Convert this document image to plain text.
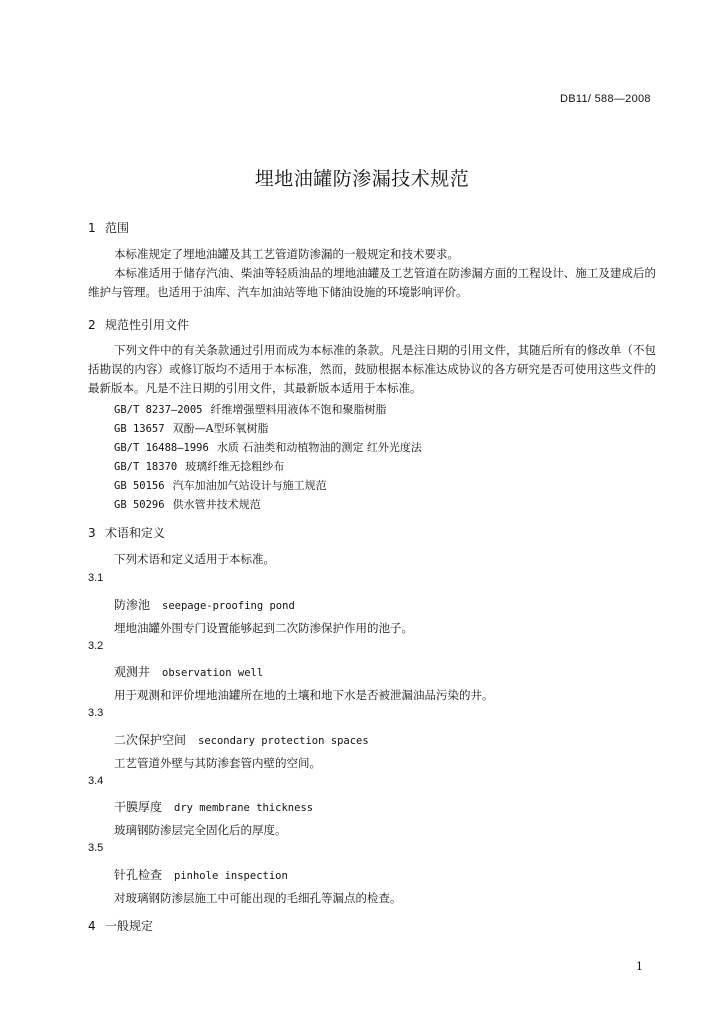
DB11/ 588—2008
埋地油罐防渗漏技术规范
1 范围
本标准规定了埋地油罐及其工艺管道防渗漏的一般规定和技术要求。
本标准适用于储存汽油、柴油等轻质油品的埋地油罐及工艺管道在防渗漏方面的工程设计、施工及建成后的维护与管理。也适用于油库、汽车加油站等地下储油设施的环境影响评价。
2 规范性引用文件
下列文件中的有关条款通过引用而成为本标准的条款。凡是注日期的引用文件，其随后所有的修改单（不包括勘误的内容）或修订版均不适用于本标准，然而，鼓励根据本标准达成协议的各方研究是否可使用这些文件的最新版本。凡是不注日期的引用文件，其最新版本适用于本标准。
GB/T 8237—2005 纤维增强塑料用液体不饱和聚脂树脂
GB 13657 双酚—A型环氧树脂
GB/T 16488—1996 水质 石油类和动植物油的测定 红外光度法
GB/T 18370 玻璃纤维无捻粗纱布
GB 50156 汽车加油加气站设计与施工规范
GB 50296 供水管井技术规范
3 术语和定义
下列术语和定义适用于本标准。
3.1
防渗池 seepage-proofing pond
埋地油罐外围专门设置能够起到二次防渗保护作用的池子。
3.2
观测井 observation well
用于观测和评价埋地油罐所在地的土壤和地下水是否被泄漏油品污染的井。
3.3
二次保护空间 secondary protection spaces
工艺管道外壁与其防渗套管内壁的空间。
3.4
干膜厚度 dry membrane thickness
玻璃钢防渗层完全固化后的厚度。
3.5
针孔检查 pinhole inspection
对玻璃钢防渗层施工中可能出现的毛细孔等漏点的检查。
4 一般规定
1
